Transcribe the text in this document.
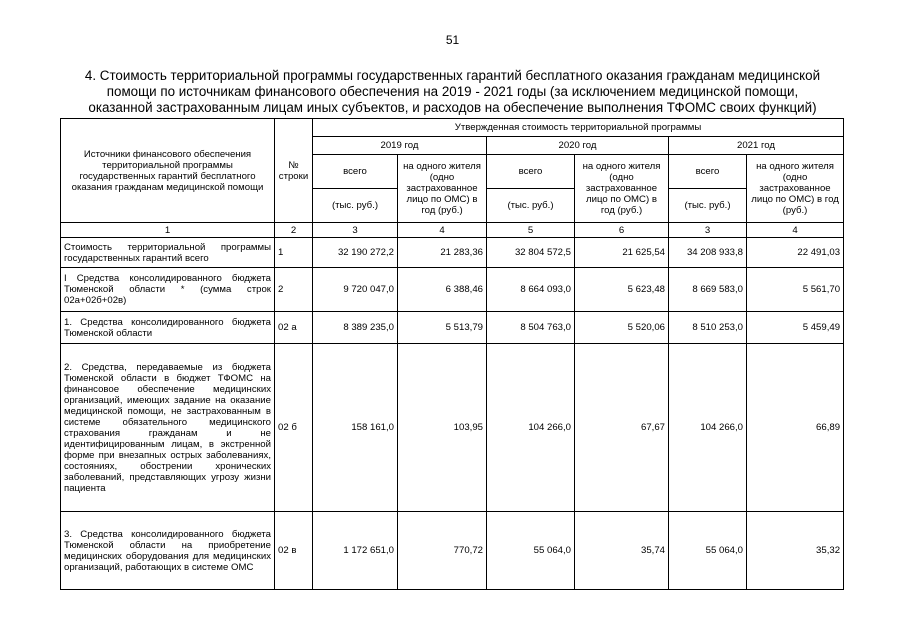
51
4. Стоимость территориальной программы государственных гарантий бесплатного оказания гражданам медицинской
помощи по источникам финансового обеспечения на 2019 - 2021 годы (за исключением медицинской помощи,
оказанной застрахованным лицам иных субъектов, и расходов на обеспечение выполнения ТФОМС своих функций)
Источники финансового обеспечения территориальной программы государственных гарантий бесплатного оказания гражданам медицинской помощи	№ строки	Утвержденная стоимость территориальной программы					
		2019 год		2020 год		2021 год	
		всего	на одного жителя (одно застрахованное лицо по ОМС) в год (руб.)	всего	на одного жителя (одно застрахованное лицо по ОМС) в год (руб.)	всего	на одного жителя (одно застрахованное лицо по ОМС) в год (руб.)
		(тыс. руб.)		(тыс. руб.)		(тыс. руб.)	
1	2	3	4	5	6	3	4
Стоимость территориальной программы государственных гарантий всего	1	32 190 272,2	21 283,36	32 804 572,5	21 625,54	34 208 933,8	22 491,03
I Средства консолидированного бюджета Тюменской области * (сумма строк 02а+02б+02в)	2	9 720 047,0	6 388,46	8 664 093,0	5 623,48	8 669 583,0	5 561,70
1. Средства консолидированного бюджета Тюменской области	02 а	8 389 235,0	5 513,79	8 504 763,0	5 520,06	8 510 253,0	5 459,49
2. Средства, передаваемые из бюджета Тюменской области в бюджет ТФОМС на финансовое обеспечение медицинских организаций, имеющих задание на оказание медицинской помощи, не застрахованным в системе обязательного медицинского страхования гражданам и не идентифицированным лицам, в экстренной форме при внезапных острых заболеваниях, состояниях, обострении хронических заболеваний, представляющих угрозу жизни пациента	02 б	158 161,0	103,95	104 266,0	67,67	104 266,0	66,89
3. Средства консолидированного бюджета Тюменской области на приобретение медицинских оборудования для медицинских организаций, работающих в системе ОМС	02 в	1 172 651,0	770,72	55 064,0	35,74	55 064,0	35,32
